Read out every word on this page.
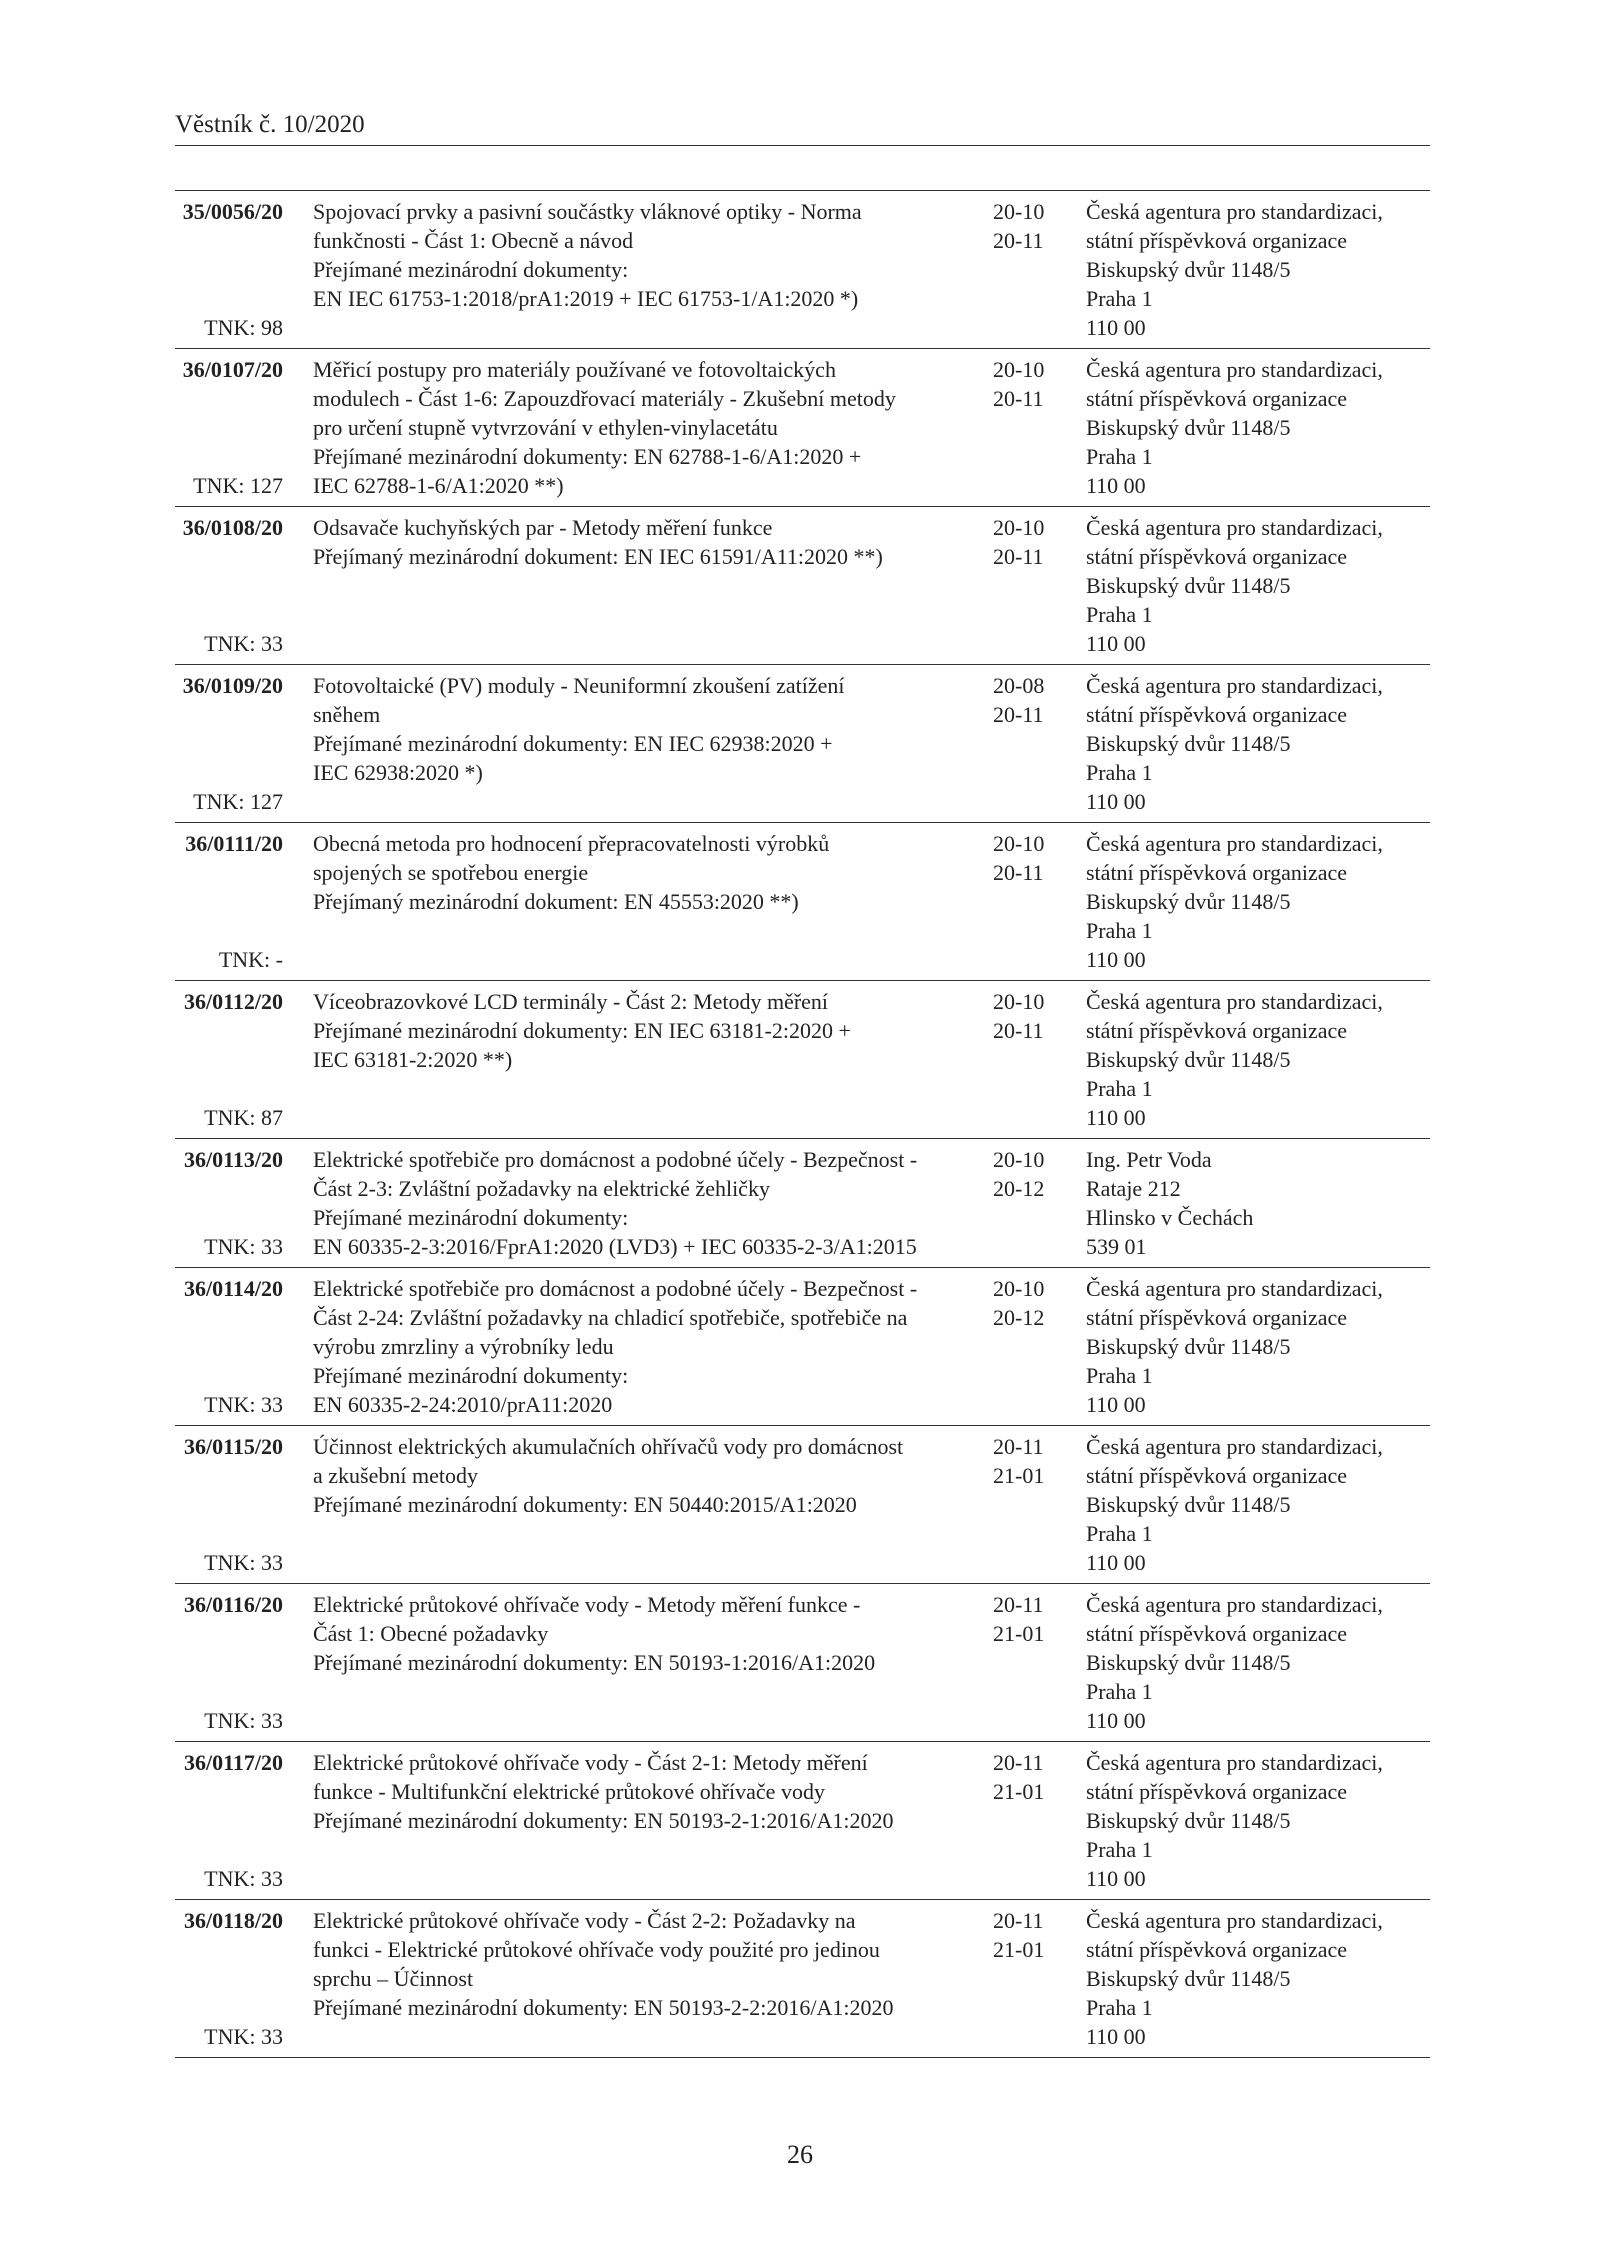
Věstník č. 10/2020
35/0056/20
TNK: 98
Spojovací prvky a pasivní součástky vláknové optiky - Norma
funkčnosti - Část 1: Obecně a návod
Přejímané mezinárodní dokumenty:
EN IEC 61753-1:2018/prA1:2019 + IEC 61753-1/A1:2020 *)
20-10
20-11
Česká agentura pro standardizaci,
státní příspěvková organizace
Biskupský dvůr 1148/5
Praha 1
110 00
36/0107/20
TNK: 127
Měřicí postupy pro materiály používané ve fotovoltaických
modulech - Část 1-6: Zapouzdřovací materiály - Zkušební metody
pro určení stupně vytvrzování v ethylen-vinylacetátu
Přejímané mezinárodní dokumenty: EN 62788-1-6/A1:2020 +
IEC 62788-1-6/A1:2020 **)
20-10
20-11
Česká agentura pro standardizaci,
státní příspěvková organizace
Biskupský dvůr 1148/5
Praha 1
110 00
36/0108/20
TNK: 33
Odsavače kuchyňských par - Metody měření funkce
Přejímaný mezinárodní dokument: EN IEC 61591/A11:2020 **)
20-10
20-11
Česká agentura pro standardizaci,
státní příspěvková organizace
Biskupský dvůr 1148/5
Praha 1
110 00
36/0109/20
TNK: 127
Fotovoltaické (PV) moduly - Neuniformní zkoušení zatížení
sněhem
Přejímané mezinárodní dokumenty: EN IEC 62938:2020 +
IEC 62938:2020 *)
20-08
20-11
Česká agentura pro standardizaci,
státní příspěvková organizace
Biskupský dvůr 1148/5
Praha 1
110 00
36/0111/20
TNK: -
Obecná metoda pro hodnocení přepracovatelnosti výrobků
spojených se spotřebou energie
Přejímaný mezinárodní dokument: EN 45553:2020 **)
20-10
20-11
Česká agentura pro standardizaci,
státní příspěvková organizace
Biskupský dvůr 1148/5
Praha 1
110 00
36/0112/20
TNK: 87
Víceobrazovkové LCD terminály - Část 2: Metody měření
Přejímané mezinárodní dokumenty: EN IEC 63181-2:2020 +
IEC 63181-2:2020 **)
20-10
20-11
Česká agentura pro standardizaci,
státní příspěvková organizace
Biskupský dvůr 1148/5
Praha 1
110 00
36/0113/20
TNK: 33
Elektrické spotřebiče pro domácnost a podobné účely - Bezpečnost -
Část 2-3: Zvláštní požadavky na elektrické žehličky
Přejímané mezinárodní dokumenty:
EN 60335-2-3:2016/FprA1:2020 (LVD3) + IEC 60335-2-3/A1:2015
20-10
20-12
Ing. Petr Voda
Rataje 212
Hlinsko v Čechách
539 01
36/0114/20
TNK: 33
Elektrické spotřebiče pro domácnost a podobné účely - Bezpečnost -
Část 2-24: Zvláštní požadavky na chladicí spotřebiče, spotřebiče na
výrobu zmrzliny a výrobníky ledu
Přejímané mezinárodní dokumenty:
EN 60335-2-24:2010/prA11:2020
20-10
20-12
Česká agentura pro standardizaci,
státní příspěvková organizace
Biskupský dvůr 1148/5
Praha 1
110 00
36/0115/20
TNK: 33
Účinnost elektrických akumulačních ohřívačů vody pro domácnost
a zkušební metody
Přejímané mezinárodní dokumenty: EN 50440:2015/A1:2020
20-11
21-01
Česká agentura pro standardizaci,
státní příspěvková organizace
Biskupský dvůr 1148/5
Praha 1
110 00
36/0116/20
TNK: 33
Elektrické průtokové ohřívače vody - Metody měření funkce -
Část 1: Obecné požadavky
Přejímané mezinárodní dokumenty: EN 50193-1:2016/A1:2020
20-11
21-01
Česká agentura pro standardizaci,
státní příspěvková organizace
Biskupský dvůr 1148/5
Praha 1
110 00
36/0117/20
TNK: 33
Elektrické průtokové ohřívače vody - Část 2-1: Metody měření
funkce - Multifunkční elektrické průtokové ohřívače vody
Přejímané mezinárodní dokumenty: EN 50193-2-1:2016/A1:2020
20-11
21-01
Česká agentura pro standardizaci,
státní příspěvková organizace
Biskupský dvůr 1148/5
Praha 1
110 00
36/0118/20
TNK: 33
Elektrické průtokové ohřívače vody - Část 2-2: Požadavky na
funkci - Elektrické průtokové ohřívače vody použité pro jedinou
sprchu – Účinnost
Přejímané mezinárodní dokumenty: EN 50193-2-2:2016/A1:2020
20-11
21-01
Česká agentura pro standardizaci,
státní příspěvková organizace
Biskupský dvůr 1148/5
Praha 1
110 00
26
